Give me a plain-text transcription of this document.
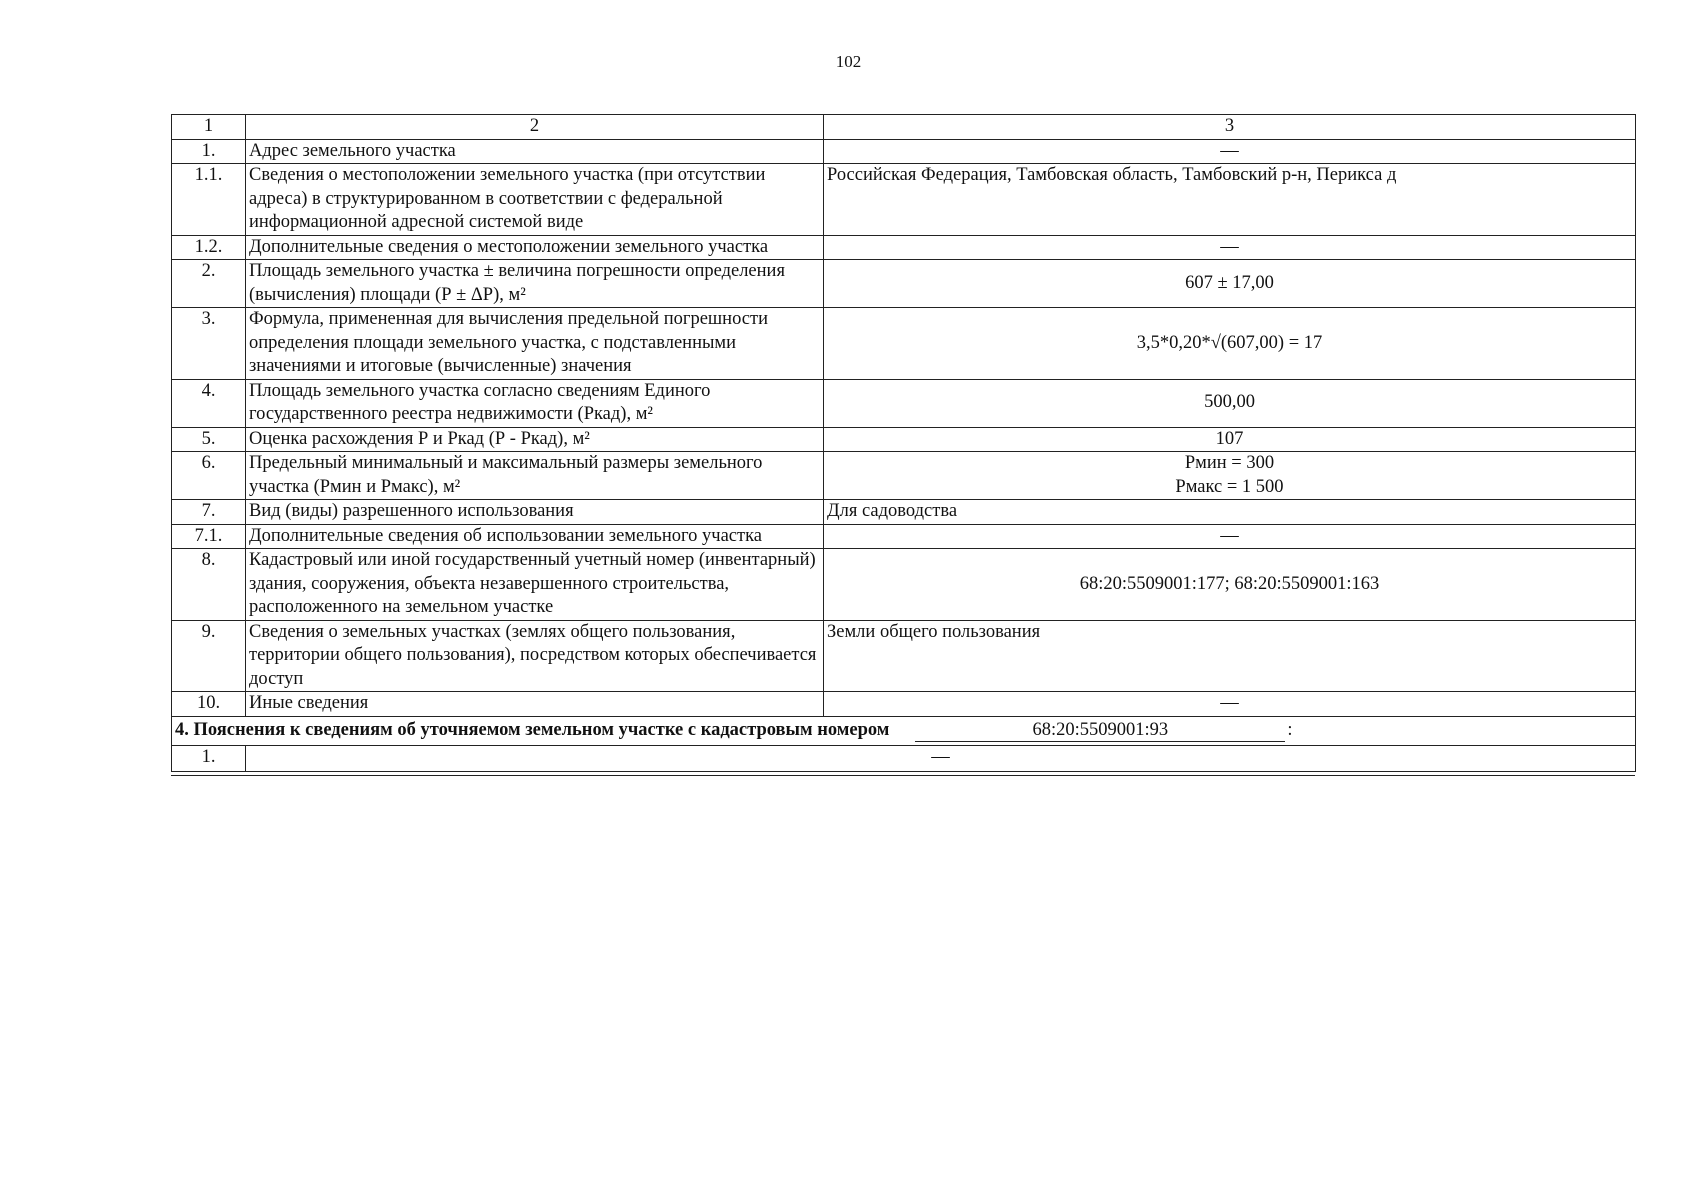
102
1	2	3
1.	Адрес земельного участка	—
1.1.	Сведения о местоположении земельного участка (при отсутствии адреса) в структурированном в соответствии с федеральной информационной адресной системой виде	Российская Федерация, Тамбовская область, Тамбовский р-н, Перикса д
1.2.	Дополнительные сведения о местоположении земельного участка	—
2.	Площадь земельного участка ± величина погрешности определения (вычисления) площади (Р ± ΔР), м²	607 ± 17,00
3.	Формула, примененная для вычисления предельной погрешности определения площади земельного участка, с подставленными значениями и итоговые (вычисленные) значения	3,5*0,20*√(607,00) = 17
4.	Площадь земельного участка согласно сведениям Единого государственного реестра недвижимости (Ркад), м²	500,00
5.	Оценка расхождения Р и Ркад (Р - Ркад), м²	107
6.	Предельный минимальный и максимальный размеры земельного участка (Рмин и Рмакс), м²	Рмин = 300
Рмакс = 1 500

7.	Вид (виды) разрешенного использования	Для садоводства
7.1.	Дополнительные сведения об использовании земельного участка	—
8.	Кадастровый или иной государственный учетный номер (инвентарный) здания, сооружения, объекта незавершенного строительства, расположенного на земельном участке	68:20:5509001:177; 68:20:5509001:163
9.	Сведения о земельных участках (землях общего пользования, территории общего пользования), посредством которых обеспечивается доступ	Земли общего пользования
10.	Иные сведения	—
4. Пояснения к сведениям об уточняемом земельном участке с кадастровым номером 68:20:5509001:93 :		
1.	—	
